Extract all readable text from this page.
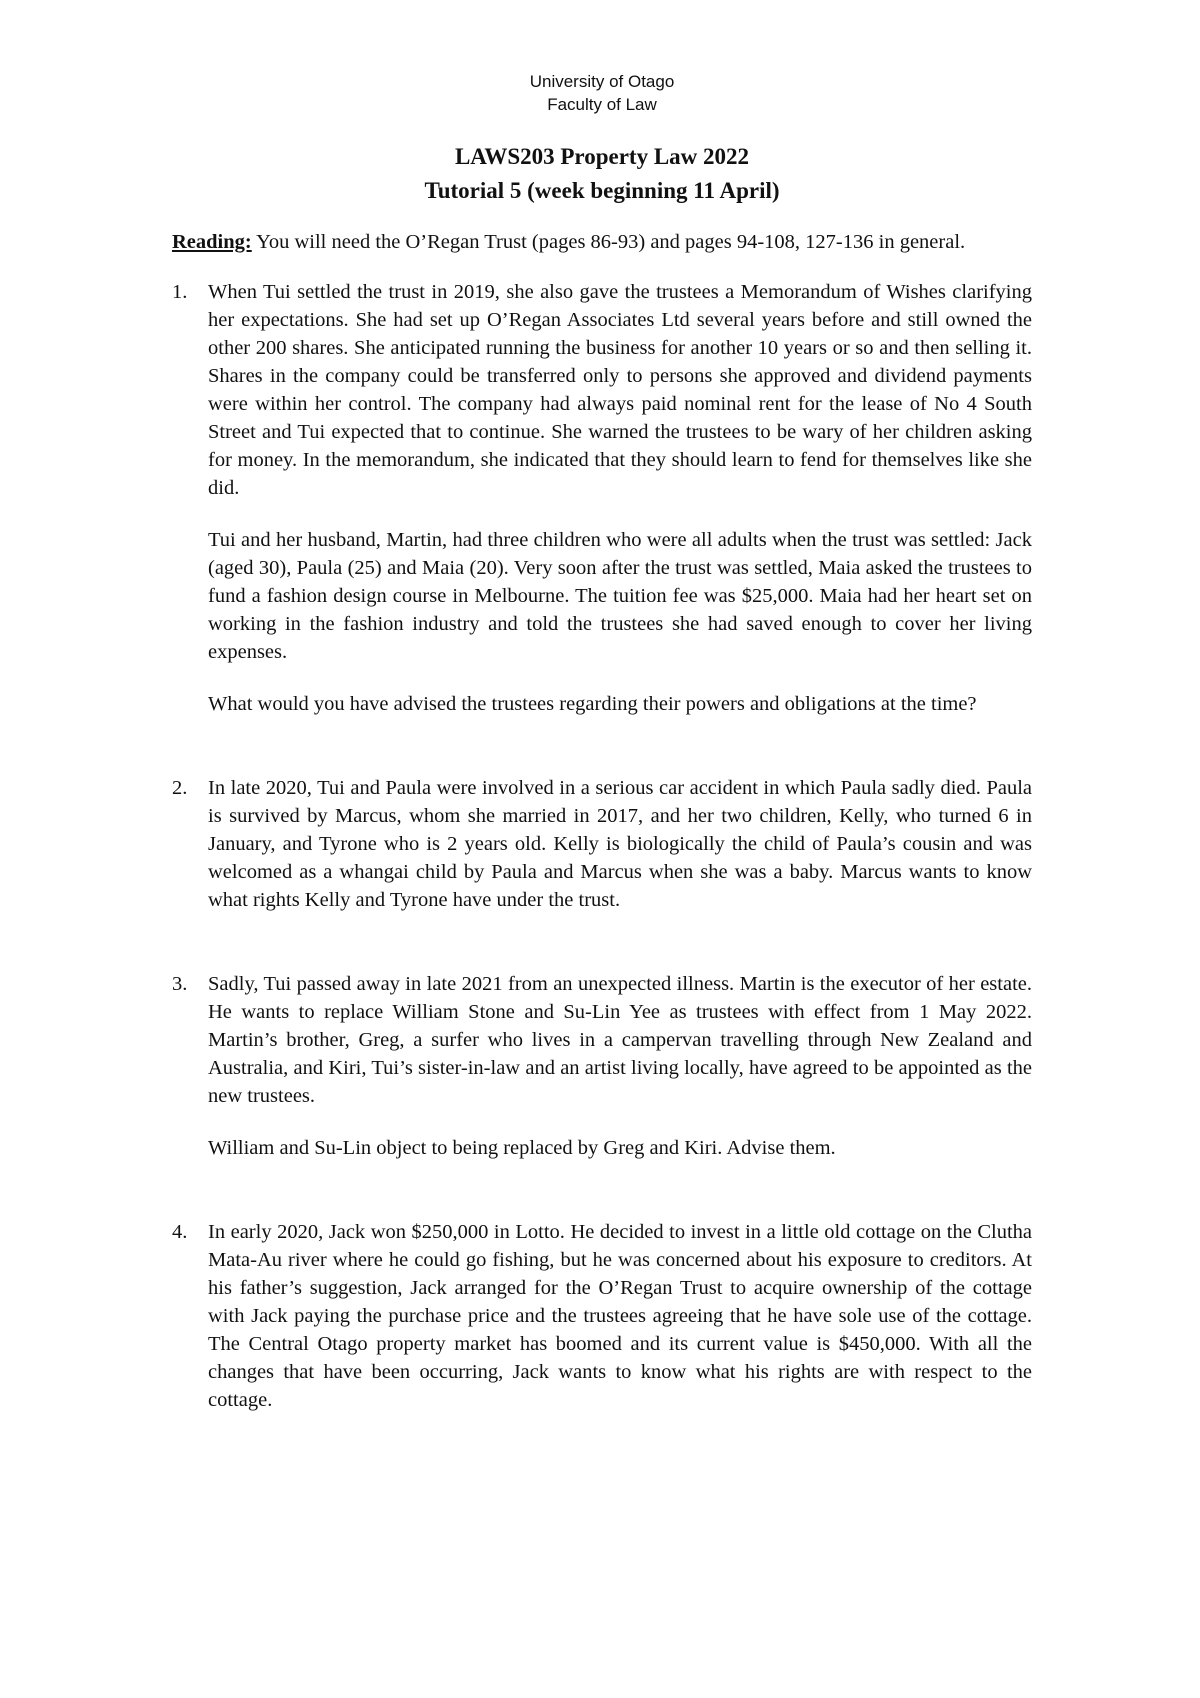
University of Otago
Faculty of Law
LAWS203 Property Law 2022
Tutorial 5 (week beginning 11 April)

Reading: You will need the O’Regan Trust (pages 86-93) and pages 94-108, 127-136 in general.

1. When Tui settled the trust in 2019, she also gave the trustees a Memorandum of Wishes clarifying her expectations. She had set up O’Regan Associates Ltd several years before and still owned the other 200 shares. She anticipated running the business for another 10 years or so and then selling it. Shares in the company could be transferred only to persons she approved and dividend payments were within her control. The company had always paid nominal rent for the lease of No 4 South Street and Tui expected that to continue. She warned the trustees to be wary of her children asking for money. In the memorandum, she indicated that they should learn to fend for themselves like she did.

Tui and her husband, Martin, had three children who were all adults when the trust was settled: Jack (aged 30), Paula (25) and Maia (20). Very soon after the trust was settled, Maia asked the trustees to fund a fashion design course in Melbourne. The tuition fee was $25,000. Maia had her heart set on working in the fashion industry and told the trustees she had saved enough to cover her living expenses.

What would you have advised the trustees regarding their powers and obligations at the time?

2. In late 2020, Tui and Paula were involved in a serious car accident in which Paula sadly died. Paula is survived by Marcus, whom she married in 2017, and her two children, Kelly, who turned 6 in January, and Tyrone who is 2 years old. Kelly is biologically the child of Paula’s cousin and was welcomed as a whangai child by Paula and Marcus when she was a baby. Marcus wants to know what rights Kelly and Tyrone have under the trust.

3. Sadly, Tui passed away in late 2021 from an unexpected illness. Martin is the executor of her estate. He wants to replace William Stone and Su-Lin Yee as trustees with effect from 1 May 2022. Martin’s brother, Greg, a surfer who lives in a campervan travelling through New Zealand and Australia, and Kiri, Tui’s sister-in-law and an artist living locally, have agreed to be appointed as the new trustees.

William and Su-Lin object to being replaced by Greg and Kiri. Advise them.

4. In early 2020, Jack won $250,000 in Lotto. He decided to invest in a little old cottage on the Clutha Mata-Au river where he could go fishing, but he was concerned about his exposure to creditors. At his father’s suggestion, Jack arranged for the O’Regan Trust to acquire ownership of the cottage with Jack paying the purchase price and the trustees agreeing that he have sole use of the cottage. The Central Otago property market has boomed and its current value is $450,000. With all the changes that have been occurring, Jack wants to know what his rights are with respect to the cottage.
